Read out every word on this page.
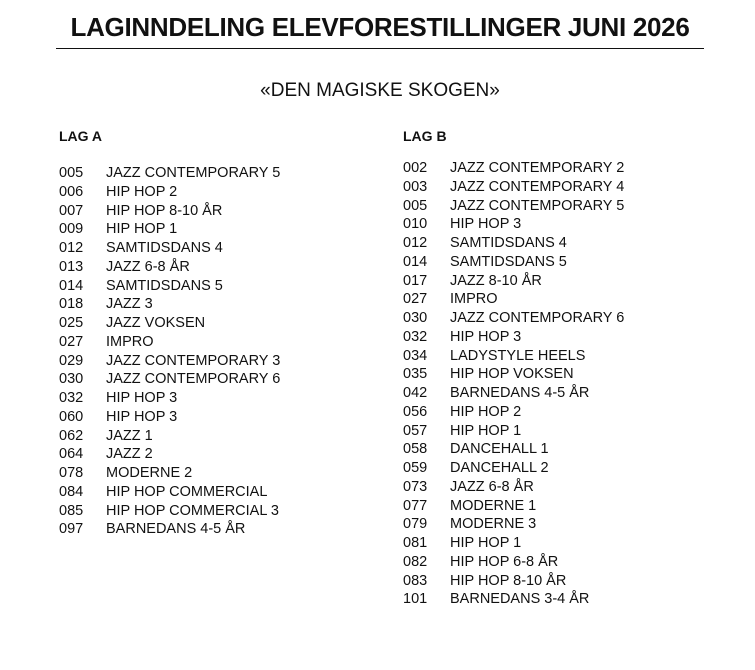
LAGINNDELING ELEVFORESTILLINGER JUNI 2026
«DEN MAGISKE SKOGEN»
LAG A
005	JAZZ CONTEMPORARY 5
006	HIP HOP 2
007	HIP HOP 8-10 ÅR
009	HIP HOP 1
012	SAMTIDSDANS 4
013	JAZZ 6-8 ÅR
014	SAMTIDSDANS 5
018	JAZZ 3
025	JAZZ VOKSEN
027	IMPRO
029	JAZZ CONTEMPORARY 3
030	JAZZ CONTEMPORARY 6
032	HIP HOP 3
060	HIP HOP 3
062	JAZZ 1
064	JAZZ 2
078	MODERNE 2
084	HIP HOP COMMERCIAL
085	HIP HOP COMMERCIAL 3
097	BARNEDANS 4-5 ÅR
LAG B
002	JAZZ CONTEMPORARY 2
003	JAZZ CONTEMPORARY 4
005	JAZZ CONTEMPORARY 5
010	HIP HOP 3
012	SAMTIDSDANS 4
014	SAMTIDSDANS 5
017	JAZZ 8-10 ÅR
027	IMPRO
030	JAZZ CONTEMPORARY 6
032	HIP HOP 3
034	LADYSTYLE HEELS
035	HIP HOP VOKSEN
042	BARNEDANS 4-5 ÅR
056	HIP HOP 2
057	HIP HOP 1
058	DANCEHALL 1
059	DANCEHALL 2
073	JAZZ 6-8 ÅR
077	MODERNE 1
079	MODERNE 3
081	HIP HOP 1
082	HIP HOP 6-8 ÅR
083	HIP HOP 8-10 ÅR
101	BARNEDANS 3-4 ÅR
